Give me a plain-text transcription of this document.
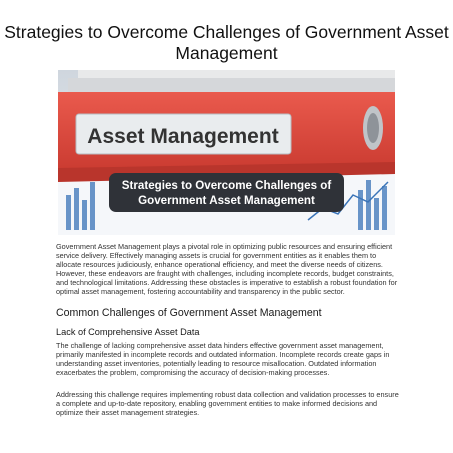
Strategies to Overcome Challenges of Government Asset Management
Asset Management
Strategies to Overcome Challenges of Government Asset Management
Government Asset Management plays a pivotal role in optimizing public resources and ensuring efficient service delivery. Effectively managing assets is crucial for government entities as it enables them to allocate resources judiciously, enhance operational efficiency, and meet the diverse needs of citizens. However, these endeavors are fraught with challenges, including incomplete records, budget constraints, and technological limitations. Addressing these obstacles is imperative to establish a robust foundation for optimal asset management, fostering accountability and transparency in the public sector.
Common Challenges of Government Asset Management
Lack of Comprehensive Asset Data
The challenge of lacking comprehensive asset data hinders effective government asset management, primarily manifested in incomplete records and outdated information. Incomplete records create gaps in understanding asset inventories, potentially leading to resource misallocation. Outdated information exacerbates the problem, compromising the accuracy of decision-making processes.
Addressing this challenge requires implementing robust data collection and validation processes to ensure a complete and up-to-date repository, enabling government entities to make informed decisions and optimize their asset management strategies.
